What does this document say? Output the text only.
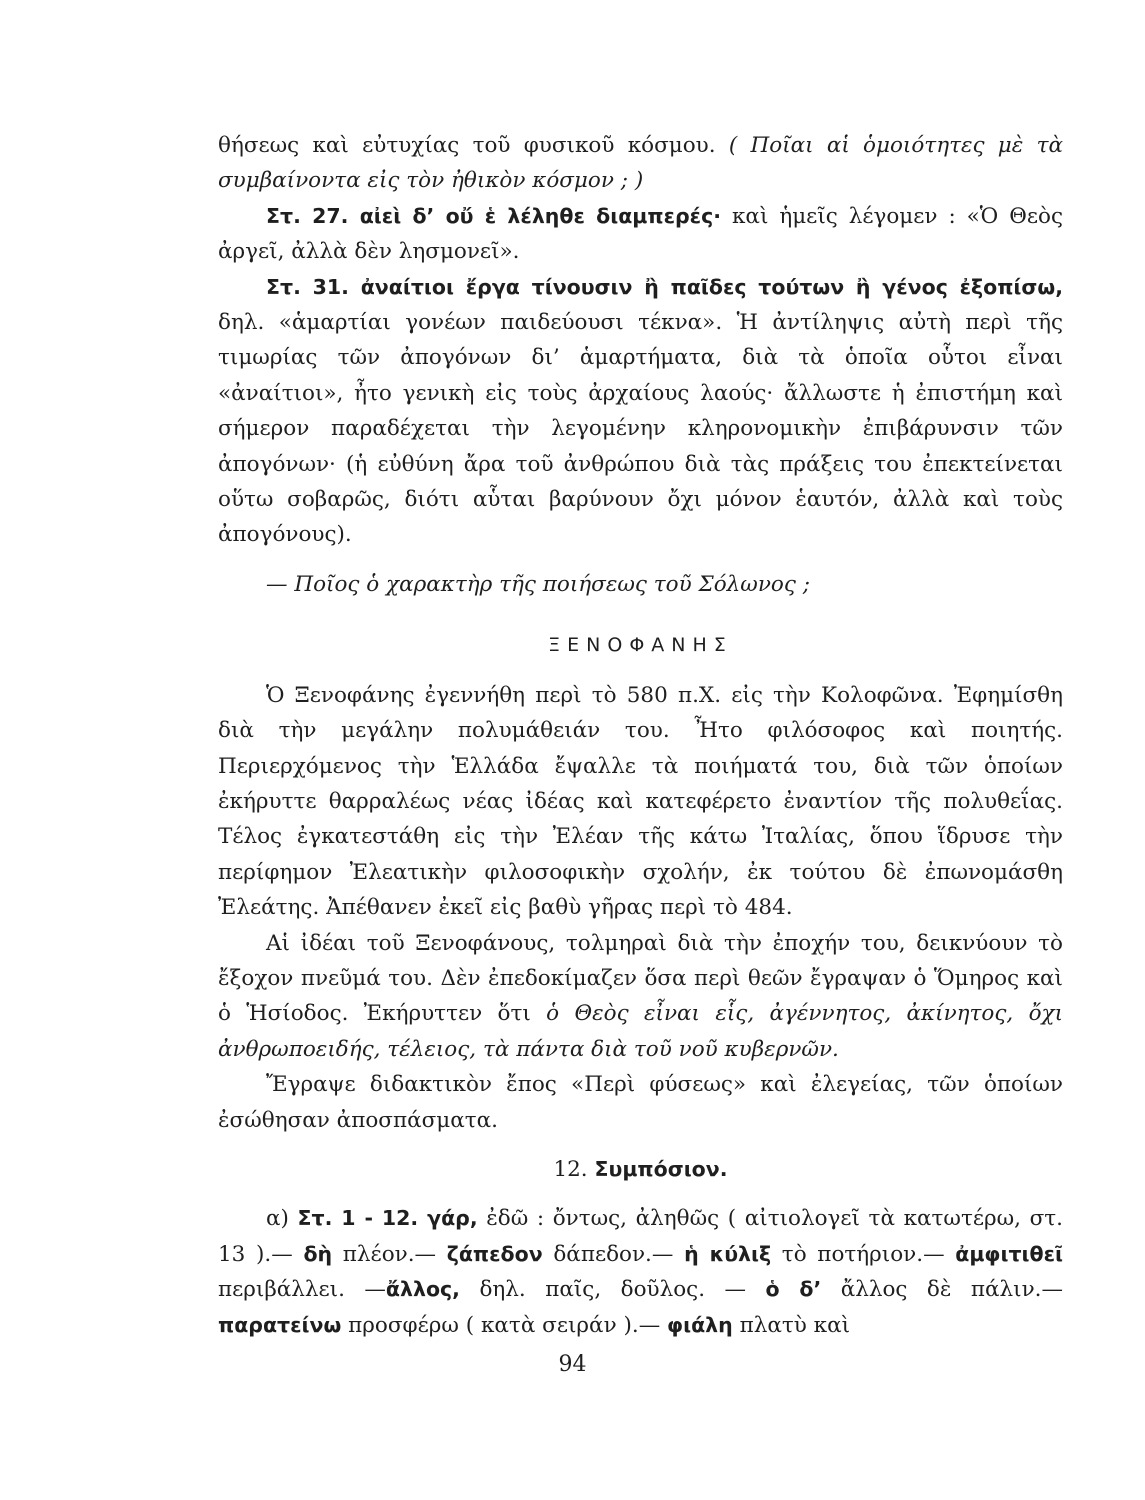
θήσεως καὶ εὐτυχίας τοῦ φυσικοῦ κόσμου. ( Ποῖαι αἱ ὁμοιότητες μὲ τὰ συμβαίνοντα εἰς τὸν ἠθικὸν κόσμον ; )

Στ. 27. αἰεὶ δ’ οὔ ἑ λέληθε διαμπερές· καὶ ἡμεῖς λέγομεν : «Ὁ Θεὸς ἀργεῖ, ἀλλὰ δὲν λησμονεῖ».

Στ. 31. ἀναίτιοι ἔργα τίνουσιν ἢ παῖδες τούτων ἢ γένος ἐξοπίσω, δηλ. «ἁμαρτίαι γονέων παιδεύουσι τέκνα». Ἡ ἀντίληψις αὐτὴ περὶ τῆς τιμωρίας τῶν ἀπογόνων δι’ ἁμαρτήματα, διὰ τὰ ὁποῖα οὗτοι εἶναι «ἀναίτιοι», ἦτο γενικὴ εἰς τοὺς ἀρχαίους λαούς· ἄλλωστε ἡ ἐπιστήμη καὶ σήμερον παραδέχεται τὴν λεγομένην κληρονομικὴν ἐπιβάρυνσιν τῶν ἀπογόνων· (ἡ εὐθύνη ἄρα τοῦ ἀνθρώπου διὰ τὰς πράξεις του ἐπεκτείνεται οὕτω σοβαρῶς, διότι αὗται βαρύνουν ὄχι μόνον ἑαυτόν, ἀλλὰ καὶ τοὺς ἀπογόνους).

— Ποῖος ὁ χαρακτὴρ τῆς ποιήσεως τοῦ Σόλωνος ;

ΞΕΝΟΦΑΝΗΣ

Ὁ Ξενοφάνης ἐγεννήθη περὶ τὸ 580 π.Χ. εἰς τὴν Κολοφῶνα. Ἐφημίσθη διὰ τὴν μεγάλην πολυμάθειάν του. Ἦτο φιλόσοφος καὶ ποιητής. Περιερχόμενος τὴν Ἑλλάδα ἔψαλλε τὰ ποιήματά του, διὰ τῶν ὁποίων ἐκήρυττε θαρραλέως νέας ἰδέας καὶ κατεφέρετο ἐναντίον τῆς πολυθεΐας. Τέλος ἐγκατεστάθη εἰς τὴν Ἐλέαν τῆς κάτω Ἰταλίας, ὅπου ἵδρυσε τὴν περίφημον Ἐλεατικὴν φιλοσοφικὴν σχολήν, ἐκ τούτου δὲ ἐπωνομάσθη Ἐλεάτης. Ἀπέθανεν ἐκεῖ εἰς βαθὺ γῆρας περὶ τὸ 484.

Αἱ ἰδέαι τοῦ Ξενοφάνους, τολμηραὶ διὰ τὴν ἐποχήν του, δεικνύουν τὸ ἔξοχον πνεῦμά του. Δὲν ἐπεδοκίμαζεν ὅσα περὶ θεῶν ἔγραψαν ὁ Ὅμηρος καὶ ὁ Ἡσίοδος. Ἐκήρυττεν ὅτι ὁ Θεὸς εἶναι εἷς, ἀγέννητος, ἀκίνητος, ὄχι ἀνθρωποειδής, τέλειος, τὰ πάντα διὰ τοῦ νοῦ κυβερνῶν.

Ἔγραψε διδακτικὸν ἔπος «Περὶ φύσεως» καὶ ἐλεγείας, τῶν ὁποίων ἐσώθησαν ἀποσπάσματα.

12. Συμπόσιον.

α) Στ. 1 - 12. γάρ, ἐδῶ : ὄντως, ἀληθῶς ( αἰτιολογεῖ τὰ κατωτέρω, στ. 13 ).— δὴ πλέον.— ζάπεδον δάπεδον.— ἡ κύλιξ τὸ ποτήριον.— ἀμφιτιθεῖ περιβάλλει. —ἄλλος, δηλ. παῖς, δοῦλος. — ὁ δ’ ἄλλος δὲ πάλιν.— παρατείνω προσφέρω ( κατὰ σειράν ).— φιάλη πλατὺ καὶ

94
